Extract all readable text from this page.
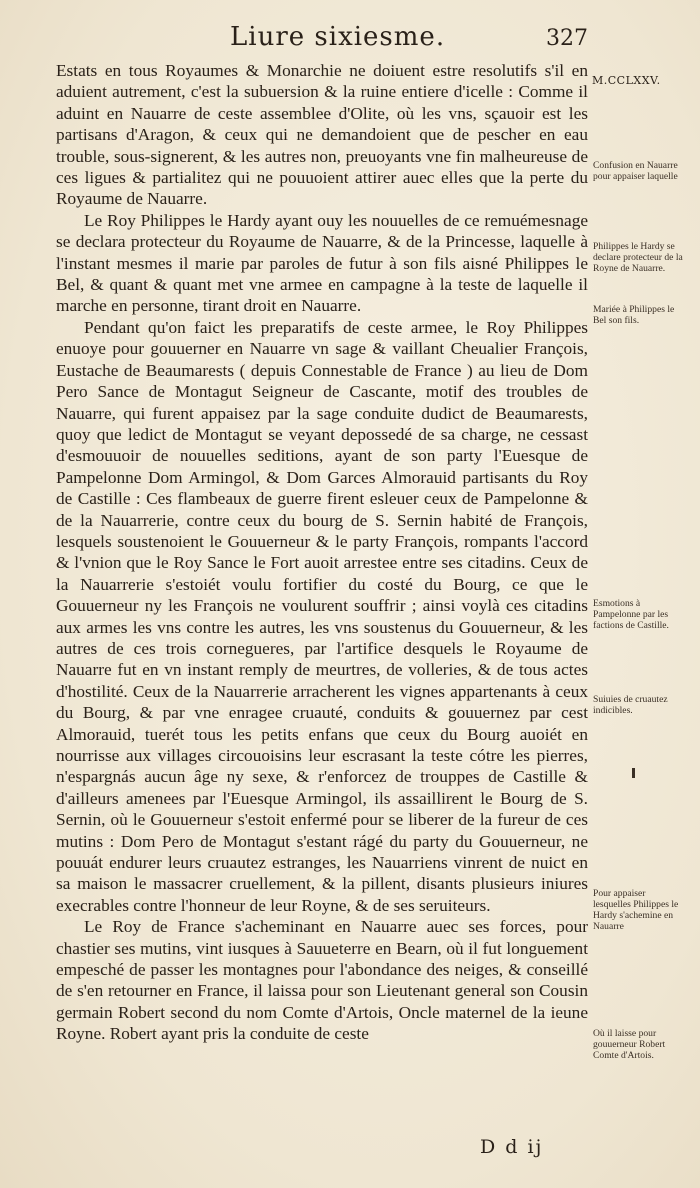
Liure sixiesme.	327
M.CCLXXV.

Estats en tous Royaumes & Monarchie ne doiuent estre resolutifs s'il en aduient autrement, c'est la subuersion & la ruine entiere d'icelle : Comme il aduint en Nauarre de ceste assemblee d'Olite, où les vns, sçauoir est les partisans d'Aragon, & ceux qui ne demandoient que de pescher en eau trouble, sous-signerent, & les autres non, preuoyants vne fin malheureuse de ces ligues & partialitez qui ne pouuoient attirer auec elles que la perte du Royaume de Nauarre.

Le Roy Philippes le Hardy ayant ouy les nouuelles de ce remuémesnage se declara protecteur du Royaume de Nauarre, & de la Princesse, laquelle à l'instant mesmes il marie par paroles de futur à son fils aisné Philippes le Bel, & quant & quant met vne armee en campagne à la teste de laquelle il marche en personne, tirant droit en Nauarre.

Pendant qu'on faict les preparatifs de ceste armee, le Roy Philippes enuoye pour gouuerner en Nauarre vn sage & vaillant Cheualier François, Eustache de Beaumarests ( depuis Connestable de France ) au lieu de Dom Pero Sance de Montagut Seigneur de Cascante, motif des troubles de Nauarre, qui furent appaisez par la sage conduite dudict de Beaumarests, quoy que ledict de Montagut se veyant depossedé de sa charge, ne cessast d'esmouuoir de nouuelles seditions, ayant de son party l'Euesque de Pampelonne Dom Armingol, & Dom Garces Almorauid partisants du Roy de Castille : Ces flambeaux de guerre firent esleuer ceux de Pampelonne & de la Nauarrerie, contre ceux du bourg de S. Sernin habité de François, lesquels soustenoient le Gouuerneur & le party François, rompants l'accord & l'vnion que le Roy Sance le Fort auoit arrestee entre ses citadins. Ceux de la Nauarrerie s'estoiét voulu fortifier du costé du Bourg, ce que le Gouuerneur ny les François ne voulurent souffrir ; ainsi voylà ces citadins aux armes les vns contre les autres, les vns soustenus du Gouuerneur, & les autres de ces trois cornegueres, par l'artifice desquels le Royaume de Nauarre fut en vn instant remply de meurtres, de volleries, & de tous actes d'hostilité. Ceux de la Nauarrerie arracherent les vignes appartenants à ceux du Bourg, & par vne enragee cruauté, conduits & gouuernez par cest Almorauid, tuerét tous les petits enfans que ceux du Bourg auoiét en nourrisse aux villages circouoisins leur escrasant la teste cótre les pierres, n'espargnás aucun âge ny sexe, & r'enforcez de trouppes de Castille & d'ailleurs amenees par l'Euesque Armingol, ils assaillirent le Bourg de S. Sernin, où le Gouuerneur s'estoit enfermé pour se liberer de la fureur de ces mutins : Dom Pero de Montagut s'estant rágé du party du Gouuerneur, ne pouuát endurer leurs cruautez estranges, les Nauarriens vinrent de nuict en sa maison le massacrer cruellement, & la pillent, disants plusieurs iniures execrables contre l'honneur de leur Royne, & de ses seruiteurs.

Le Roy de France s'acheminant en Nauarre auec ses forces, pour chastier ses mutins, vint iusques à Sauueterre en Bearn, où il fut longuement empesché de passer les montagnes pour l'abondance des neiges, & conseillé de s'en retourner en France, il laissa pour son Lieutenant general son Cousin germain Robert second du nom Comte d'Artois, Oncle maternel de la ieune Royne. Robert ayant pris la conduite de ceste

Confusion en Nauarre pour appaiser laquelle
Philippes le Hardy se declare protecteur de la Royne de Nauarre.
Mariée à Philippes le Bel son fils.
Esmotions à Pampelonne par les factions de Castille.
Suiuies de cruautez indicibles.
Pour appaiser lesquelles Philippes le Hardy s'achemine en Nauarre
Où il laisse pour gouuerneur Robert Comte d'Artois.
D d ij
